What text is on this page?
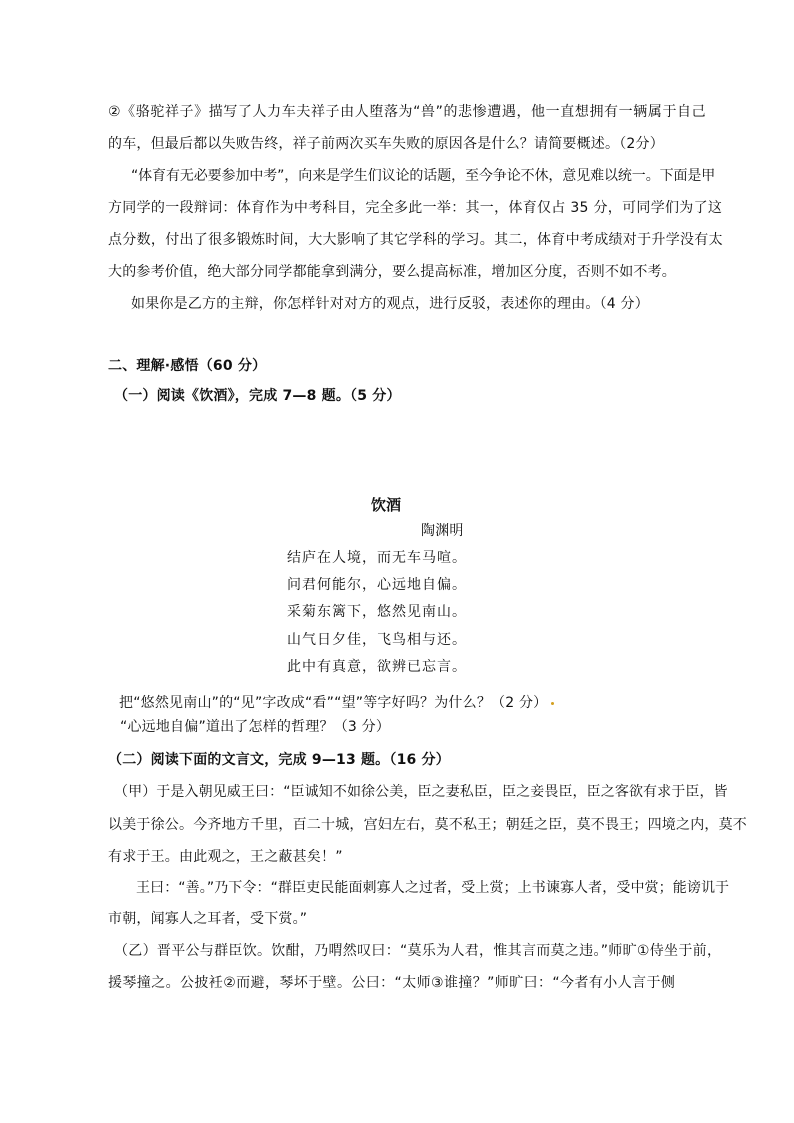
②《骆驼祥子》描写了人力车夫祥子由人堕落为“兽”的悲惨遭遇，他一直想拥有一辆属于自己
的车，但最后都以失败告终，祥子前两次买车失败的原因各是什么？请简要概述。（2分）
“体育有无必要参加中考”，向来是学生们议论的话题，至今争论不休，意见难以统一。下面是甲
方同学的一段辩词：体育作为中考科目，完全多此一举：其一，体育仅占 35 分，可同学们为了这
点分数，付出了很多锻炼时间，大大影响了其它学科的学习。其二，体育中考成绩对于升学没有太
大的参考价值，绝大部分同学都能拿到满分，要么提高标准，增加区分度，否则不如不考。
如果你是乙方的主辩，你怎样针对对方的观点，进行反驳，表述你的理由。（4 分）
二、理解·感悟（60 分）
（一）阅读《饮酒》，完成 7—8 题。（5 分）
饮酒
陶渊明
结庐在人境，而无车马喧。
问君何能尔，心远地自偏。
采菊东篱下，悠然见南山。
山气日夕佳，飞鸟相与还。
此中有真意，欲辨已忘言。
把“悠然见南山”的“见”字改成“看”“望”等字好吗？为什么？（2 分）
“心远地自偏”道出了怎样的哲理？（3 分）
（二）阅读下面的文言文，完成 9—13 题。（16 分）
（甲）于是入朝见威王曰：“臣诚知不如徐公美，臣之妻私臣，臣之妾畏臣，臣之客欲有求于臣，皆
以美于徐公。今齐地方千里，百二十城，宫妇左右，莫不私王；朝廷之臣，莫不畏王；四境之内，莫不
有求于王。由此观之，王之蔽甚矣！”
王曰：“善。”乃下令：“群臣吏民能面刺寡人之过者，受上赏；上书谏寡人者，受中赏；能谤讥于
市朝，闻寡人之耳者，受下赏。”
（乙）晋平公与群臣饮。饮酣，乃喟然叹曰：“莫乐为人君，惟其言而莫之违。”师旷①侍坐于前，
援琴撞之。公披衽②而避，琴坏于壁。公曰：“太师③谁撞？”师旷曰：“今者有小人言于侧
